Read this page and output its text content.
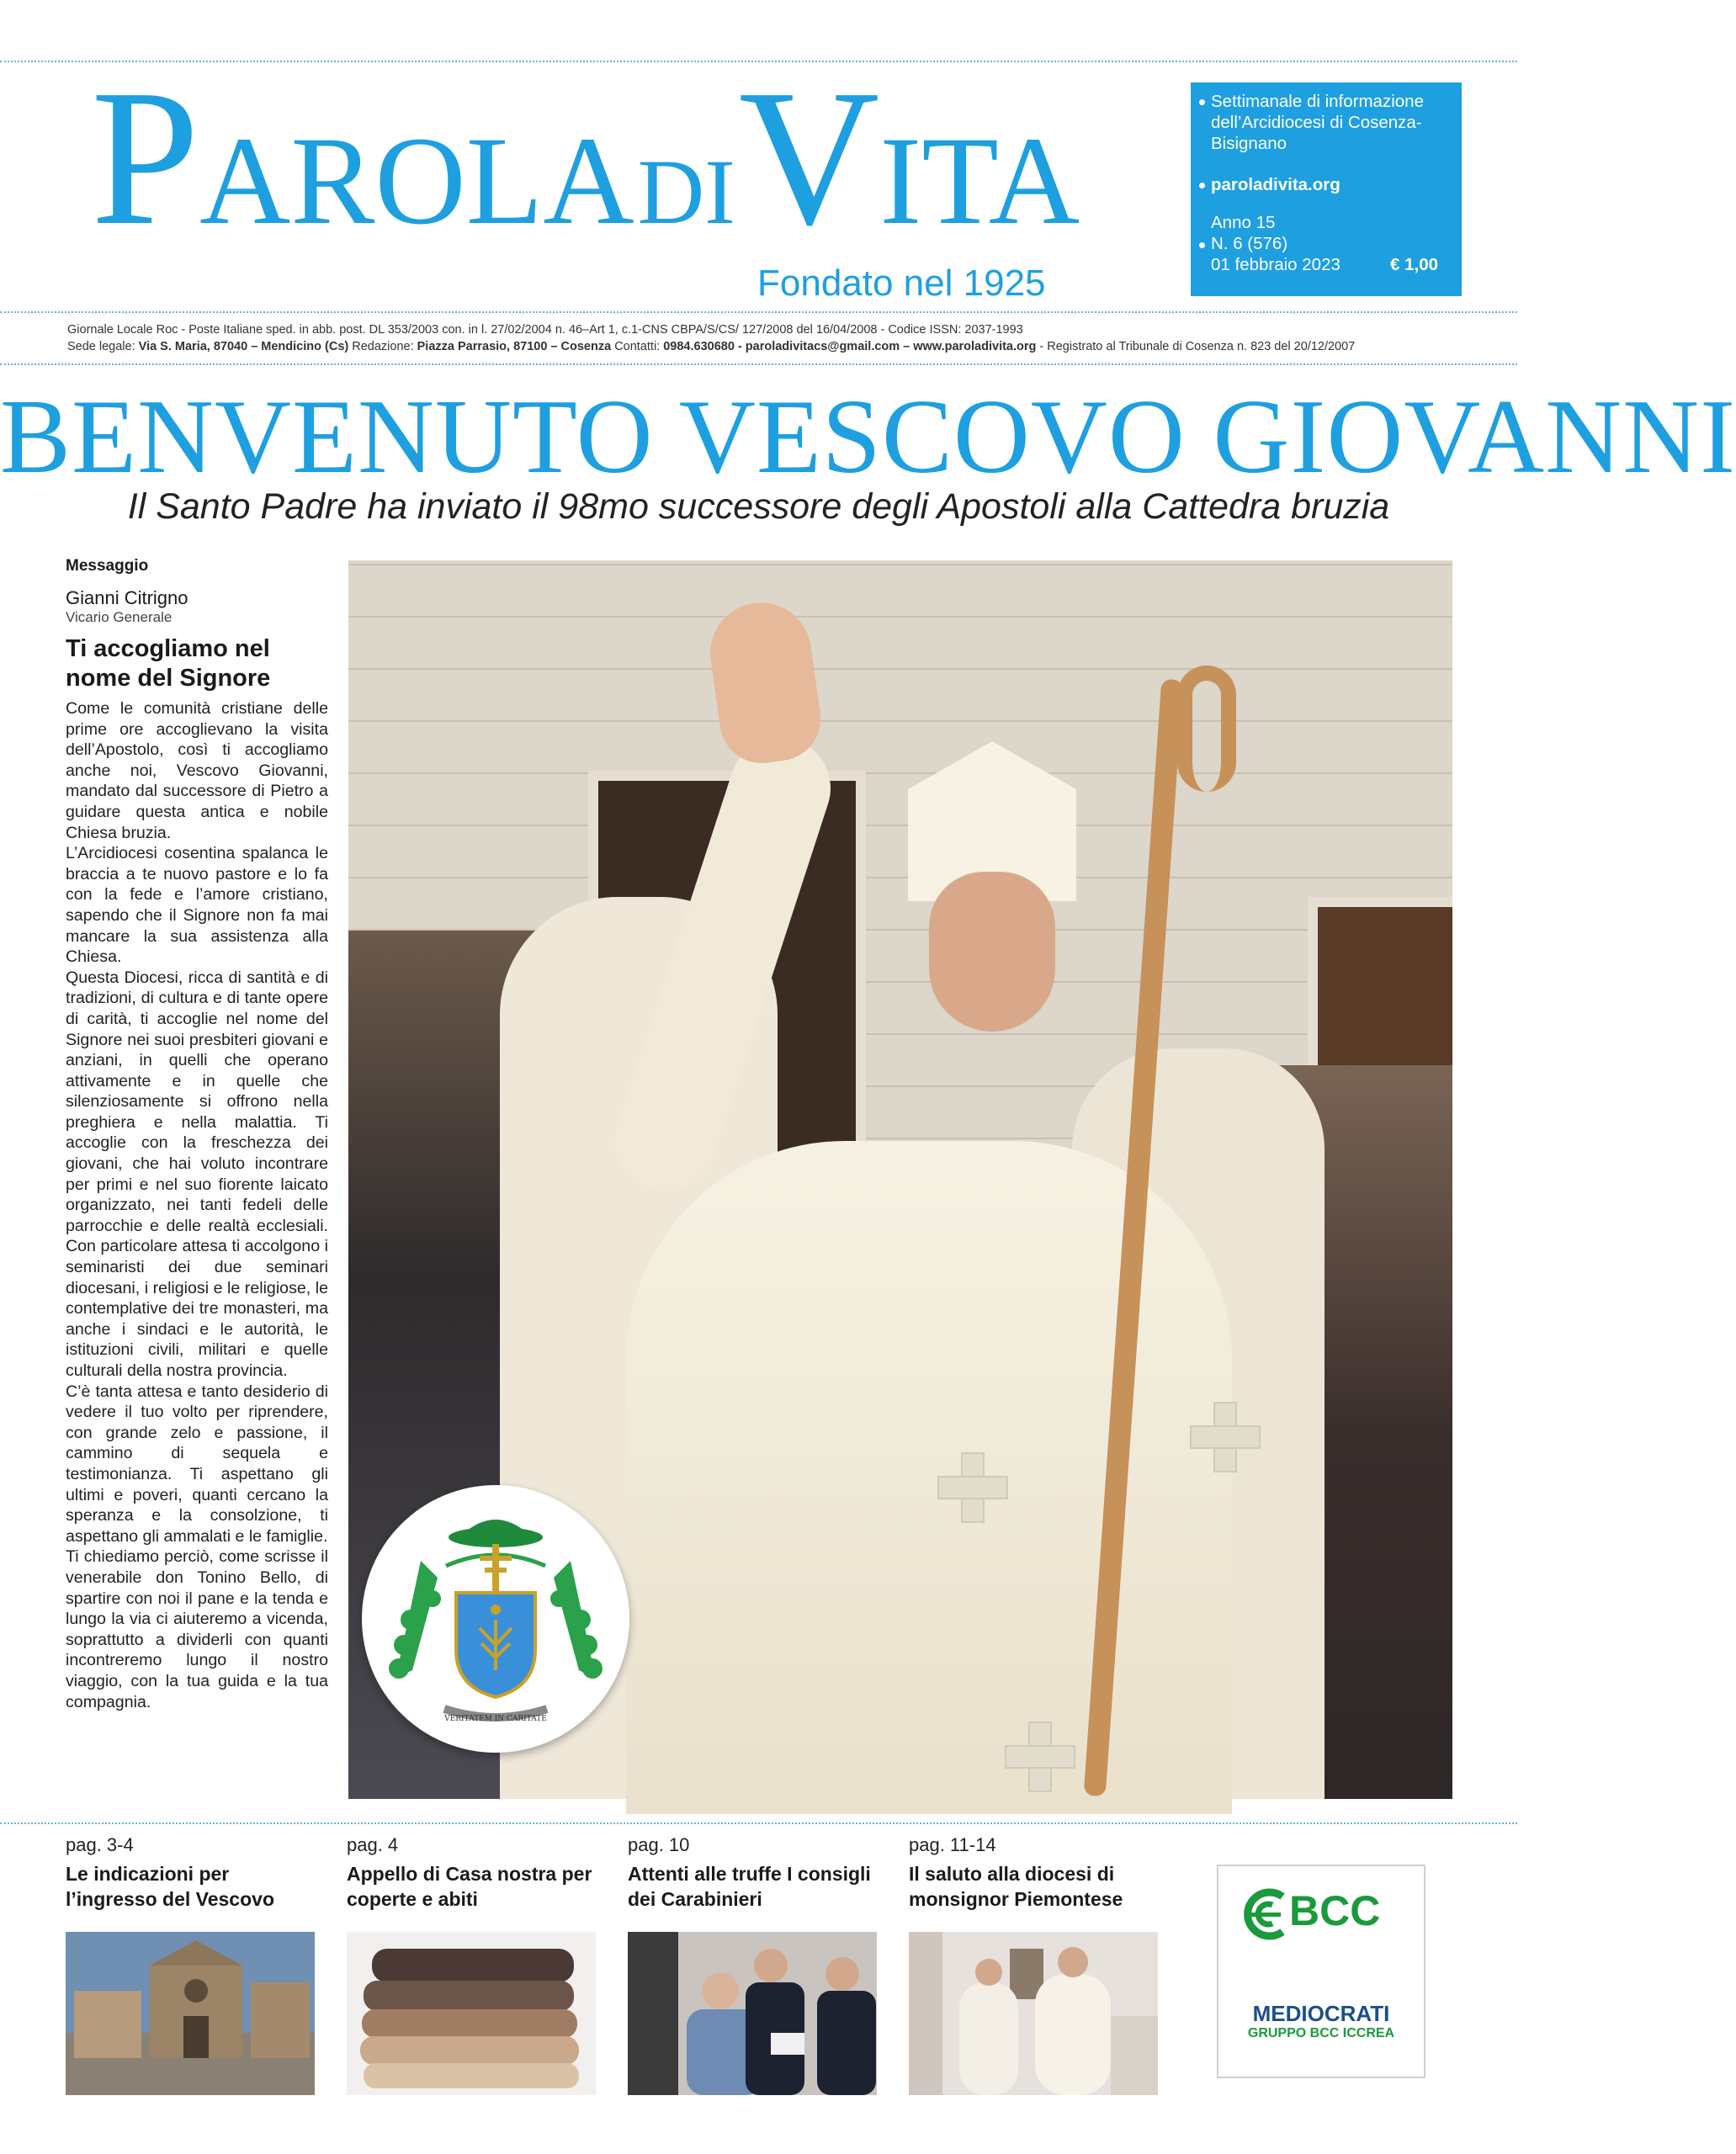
PAROLA DI VITA
Fondato nel 1925
Settimanale di informazione dell’Arcidiocesi di Cosenza-Bisignano
paroladivita.org
Anno 15
N. 6 (576)
01 febbraio 2023	€ 1,00
Giornale Locale Roc - Poste Italiane sped. in abb. post. DL 353/2003 con. in l. 27/02/2004 n. 46–Art 1, c.1-CNS CBPA/S/CS/ 127/2008 del 16/04/2008 - Codice ISSN: 2037-1993
Sede legale: Via S. Maria, 87040 – Mendicino (Cs) Redazione: Piazza Parrasio, 87100 – Cosenza Contatti: 0984.630680 - paroladivitacs@gmail.com – www.paroladivita.org - Registrato al Tribunale di Cosenza n. 823 del 20/12/2007
BENVENUTO VESCOVO GIOVANNI
Il Santo Padre ha inviato il 98mo successore degli Apostoli alla Cattedra bruzia
Messaggio
Gianni Citrigno
Vicario Generale
Ti accogliamo nel nome del Signore

Come le comunità cristiane delle prime ore accoglievano la visita dell’Apostolo, così ti accogliamo anche noi, Vescovo Giovanni, mandato dal successore di Pietro a guidare questa antica e nobile Chiesa bruzia.

L’Arcidiocesi cosentina spalanca le braccia a te nuovo pastore e lo fa con la fede e l’amore cristiano, sapendo che il Signore non fa mai mancare la sua assistenza alla Chiesa.

Questa Diocesi, ricca di santità e di tradizioni, di cultura e di tante opere di carità, ti accoglie nel nome del Signore nei suoi presbiteri giovani e anziani, in quelli che operano attivamente e in quelle che silenziosamente si offrono nella preghiera e nella malattia. Ti accoglie con la freschezza dei giovani, che hai voluto incontrare per primi e nel suo fiorente laicato organizzato, nei tanti fedeli delle parrocchie e delle realtà ecclesiali. Con particolare attesa ti accolgono i seminaristi dei due seminari diocesani, i religiosi e le religiose, le contemplative dei tre monasteri, ma anche i sindaci e le autorità, le istituzioni civili, militari e quelle culturali della nostra provincia.

C’è tanta attesa e tanto desiderio di vedere il tuo volto per riprendere, con grande zelo e passione, il cammino di sequela e testimonianza. Ti aspettano gli ultimi e poveri, quanti cercano la speranza e la consolzione, ti aspettano gli ammalati e le famiglie.

Ti chiediamo perciò, come scrisse il venerabile don Tonino Bello, di spartire con noi il pane e la tenda e lungo la via ci aiuteremo a vicenda, soprattutto a dividerli con quanti incontreremo lungo il nostro viaggio, con la tua guida e la tua compagnia.

VERITATEM IN CARITATE
pag. 3-4
Le indicazioni per l’ingresso del Vescovo
pag. 4
Appello di Casa nostra per coperte e abiti
pag. 10
Attenti alle truffe I consigli dei Carabinieri
pag. 11-14
Il saluto alla diocesi di monsignor Piemontese	BCC
MEDIOCRATI
GRUPPO BCC ICCREA
